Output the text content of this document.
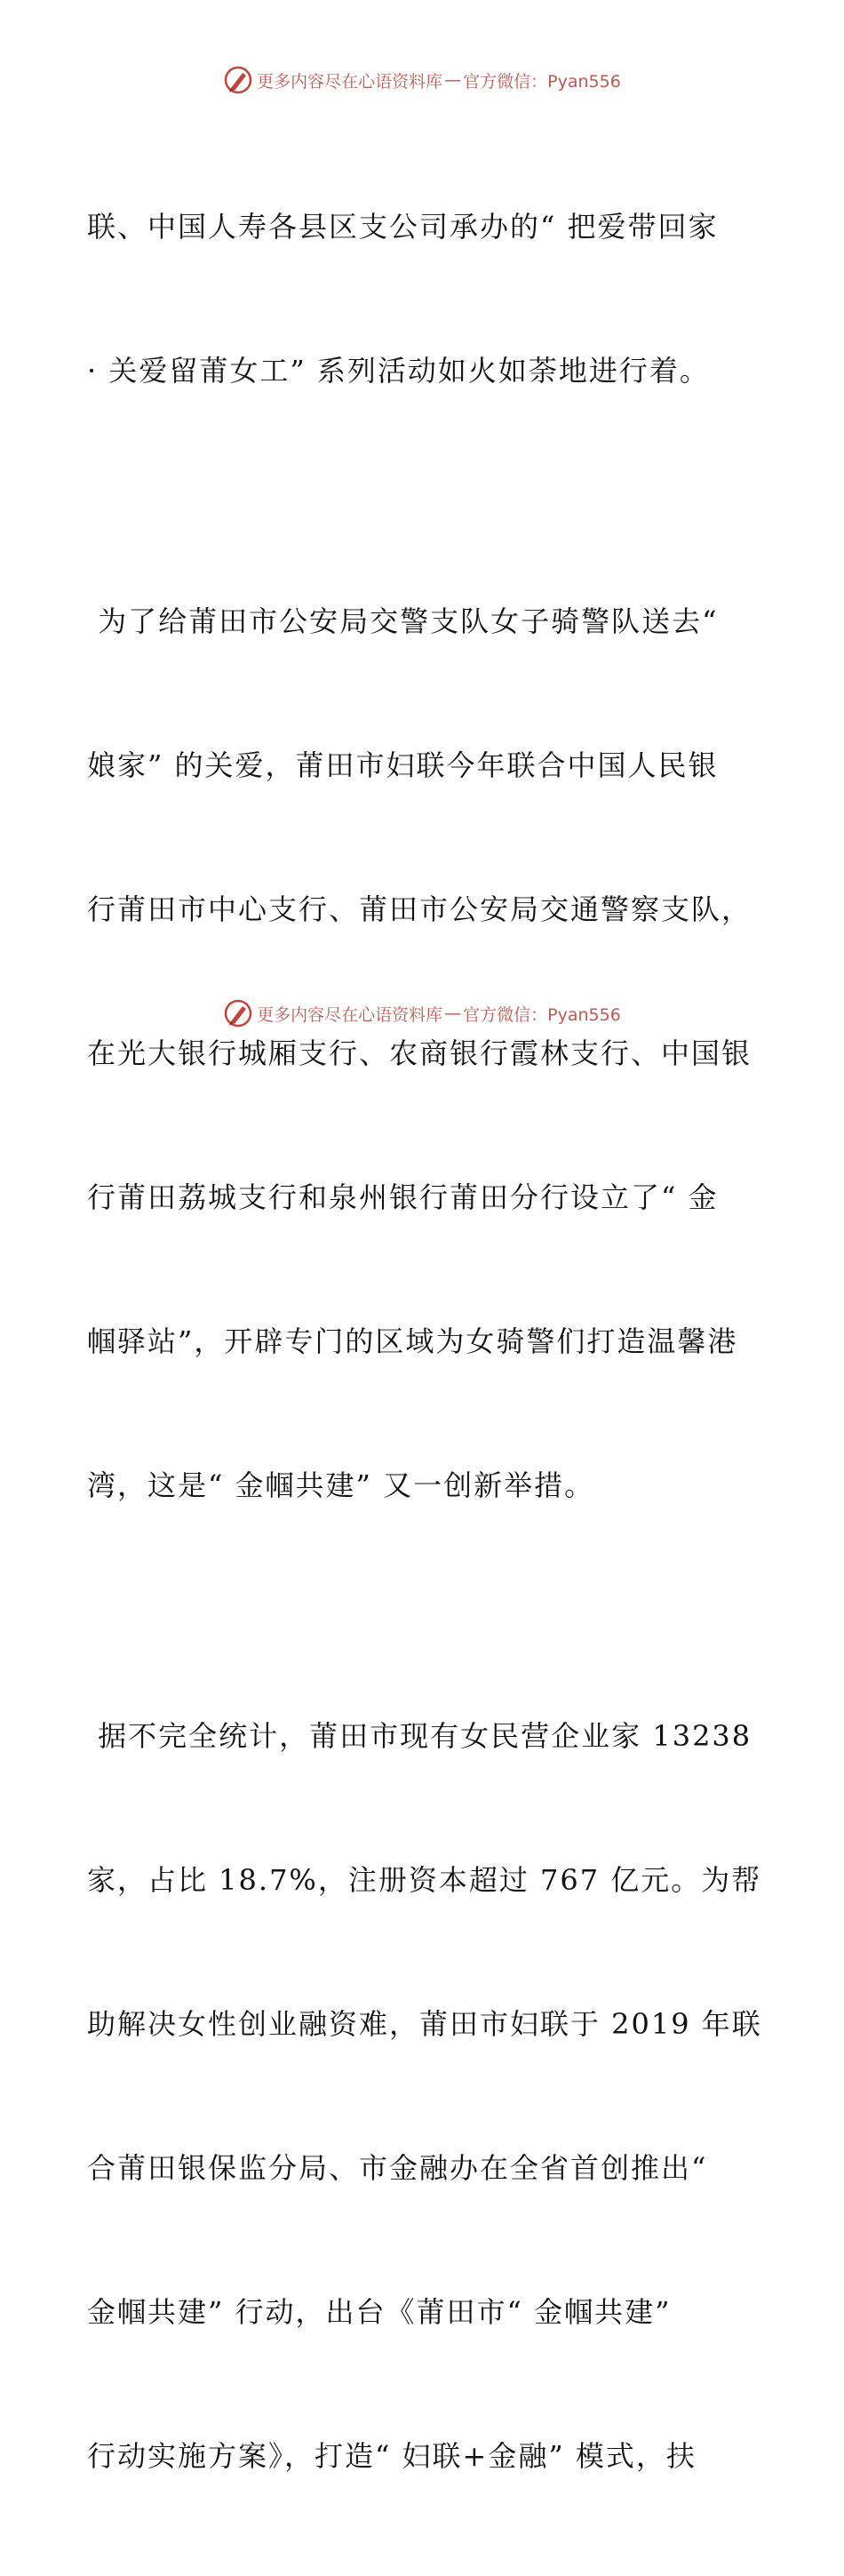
更多内容尽在心语资料库 — 官方微信：Pyan556

联、中国人寿各县区支公司承办的“ 把爱带回家

· 关爱留莆女工” 系列活动如火如荼地进行着。

为了给莆田市公安局交警支队女子骑警队送去“

娘家” 的关爱，莆田市妇联今年联合中国人民银

行莆田市中心支行、莆田市公安局交通警察支队，

在光大银行城厢支行、农商银行霞林支行、中国银

行莆田荔城支行和泉州银行莆田分行设立了“ 金

帼驿站”，开辟专门的区域为女骑警们打造温馨港

湾，这是“ 金帼共建” 又一创新举措。

据不完全统计，莆田市现有女民营企业家 13238

家，占比 18.7%，注册资本超过 767 亿元。为帮

助解决女性创业融资难，莆田市妇联于 2019 年联

合莆田银保监分局、市金融办在全省首创推出“

金帼共建” 行动，出台《莆田市“ 金帼共建”

行动实施方案》，打造“ 妇联+金融” 模式，扶

更多内容尽在心语资料库 — 官方微信：Pyan556
